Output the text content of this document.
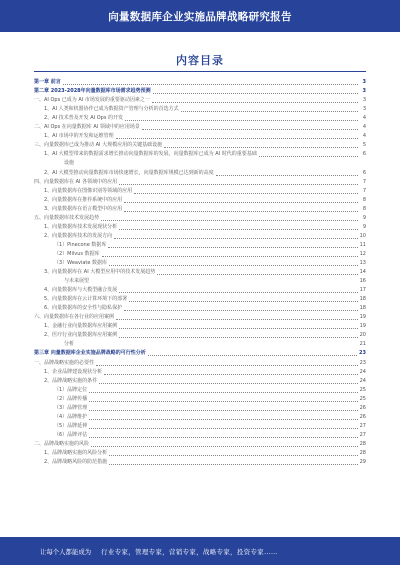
向量数据库企业实施品牌战略研究报告
内容目录
第一章 前言	3
第二章 2023-2028年向量数据库市场需求趋势预测	3
一、AI Ops 已成为 AI 市场发展的重要驱动因素之一	3
1、AI 人类和机器协作已成为数据资产管理与分析的首选方式	3
2、AI 技术普及开发 AI Ops 的开发	4
二、AI Ops 在向量数据库 AI 领域中的应用场景	4
1、AI 市场中的开发和运维管理	4
三、向量数据库已成为推动 AI 大规模应用的关键基础设施	5
1、AI 大模型带来的数据需求增长推动向量数据库的发展，向量数据库已成为 AI 时代的重要基础	6
设施
2、AI 大模型推动向量数据库市场快速增长，向量数据库规模已达到新的高度	6
四、向量数据库在 AI 各领域中的应用	7
1、向量数据库在图像识别等领域的应用	7
2、向量数据库在推荐系统中的应用	8
3、向量数据库在语言模型中的应用	8
五、向量数据库技术发展趋势	9
1、向量数据库技术发展现状分析	9
2、向量数据库技术的发展方向	10
（1）Pinecone 数据库	11
（2）Milvus 数据库	12
（3）Weaviate 数据库	13
3、向量数据库在 AI 大模型应用中的技术发展趋势	14
与未来展望	16
4、向量数据库与大模型融合发展	17
5、向量数据库在云计算环境下的部署	18
6、向量数据库的安全性与隐私保护	18
六、向量数据库在各行业的应用案例	19
1、金融行业向量数据库应用案例	19
2、医疗行业向量数据库应用案例	20
分析	21
第三章 向量数据库企业实施品牌战略的可行性分析	23
一、品牌战略实施的必要性	23
1、企业品牌建设现状分析	24
2、品牌战略实施的条件	24
（1）品牌定位	25
（2）品牌传播	25
（3）品牌管理	26
（4）品牌维护	26
（5）品牌延伸	27
（6）品牌评估	27
二、品牌战略实施的风险	28
1、品牌战略实施的风险分析	28
2、品牌战略风险的防范措施	29
让每个人都能成为	行业专家，管理专家，营销专家，战略专家，投资专家……
